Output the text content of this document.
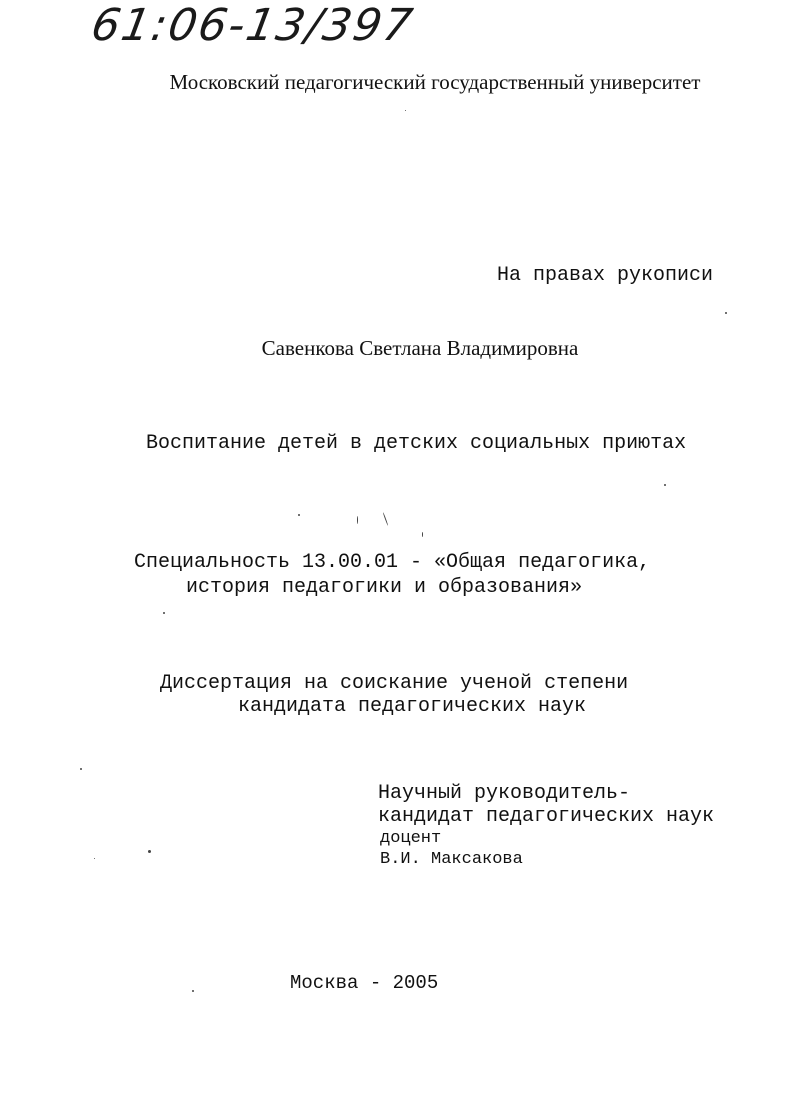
61:06-13/397
Московский педагогический государственный университет
На правах рукописи
Савенкова Светлана Владимировна
Воспитание детей в детских социальных приютах
Специальность 13.00.01 - «Общая педагогика,
история педагогики и образования»
Диссертация на соискание ученой степени
кандидата педагогических наук
Научный руководитель-
кандидат педагогических наук
доцент
В.И. Максакова
Москва - 2005
